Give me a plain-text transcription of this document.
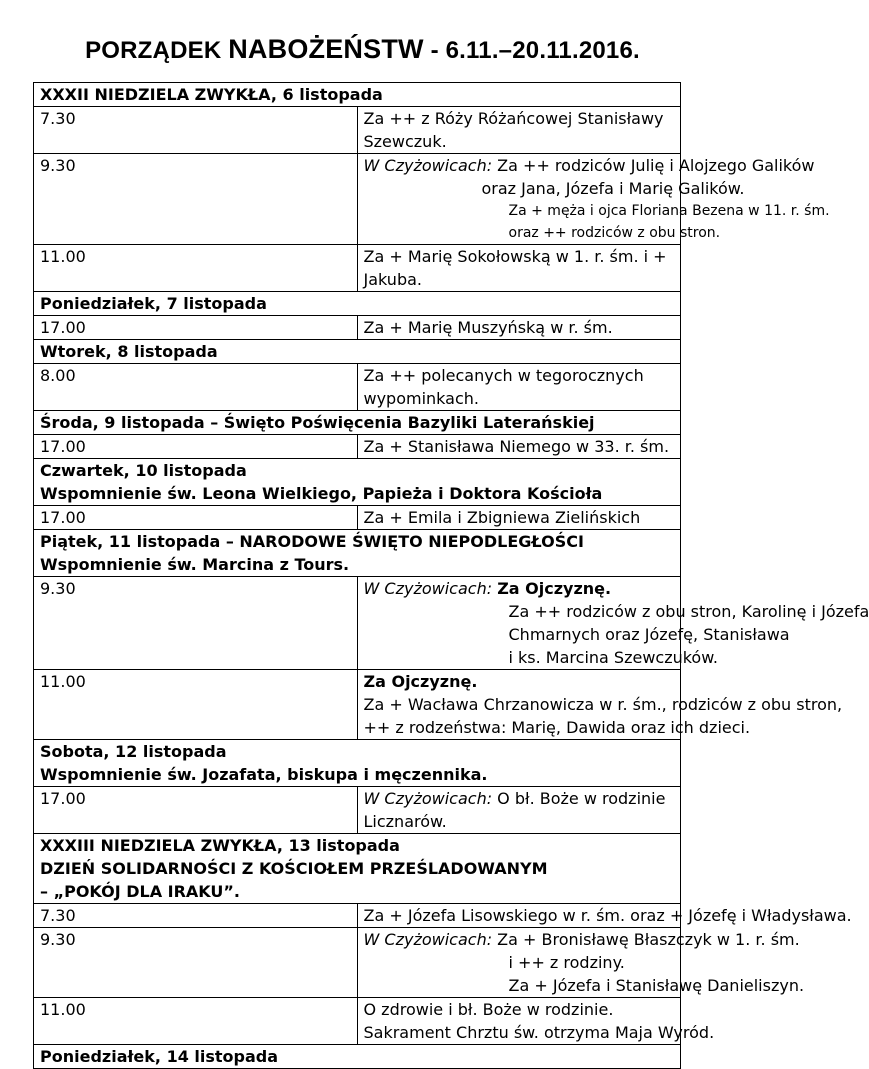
PORZĄDEK NABOŻEŃSTW - 6.11.–20.11.2016.
XXXII NIEDZIELA ZWYKŁA, 6 listopada	
7.30	Za ++ z Róży Różańcowej Stanisławy Szewczuk.
9.30	W Czyżowicach: Za ++ rodziców Julię i Alojzego Galików
oraz Jana, Józefa i Marię Galików.
Za + męża i ojca Floriana Bezena w 11. r. śm.
oraz ++ rodziców z obu stron.

11.00	Za + Marię Sokołowską w 1. r. śm. i + Jakuba.
Poniedziałek, 7 listopada	
17.00	Za + Marię Muszyńską w r. śm.
Wtorek, 8 listopada	
8.00	Za ++ polecanych w tegorocznych wypominkach.
Środa, 9 listopada – Święto Poświęcenia Bazyliki Laterańskiej	
17.00	Za + Stanisława Niemego w 33. r. śm.

Czwartek, 10 listopada
Wspomnienie św. Leona Wielkiego, Papieża i Doktora Kościoła	

17.00	Za + Emila i Zbigniewa Zielińskich

Piątek, 11 listopada – NARODOWE ŚWIĘTO NIEPODLEGŁOŚCI
Wspomnienie św. Marcina z Tours.	

9.30	W Czyżowicach: Za Ojczyznę.
Za ++ rodziców z obu stron, Karolinę i Józefa
Chmarnych oraz Józefę, Stanisława
i ks. Marcina Szewczuków.

11.00	Za Ojczyznę.
Za + Wacława Chrzanowicza w r. śm., rodziców z obu stron,
++ z rodzeństwa: Marię, Dawida oraz ich dzieci.

Sobota, 12 listopada
Wspomnienie św. Jozafata, biskupa i męczennika.	

17.00	W Czyżowicach: O bł. Boże w rodzinie Licznarów.

XXXIII NIEDZIELA ZWYKŁA, 13 listopada
DZIEŃ SOLIDARNOŚCI Z KOŚCIOŁEM PRZEŚLADOWANYM
– „POKÓJ DLA IRAKU”.	

7.30	Za + Józefa Lisowskiego w r. śm. oraz + Józefę i Władysława.
9.30	W Czyżowicach: Za + Bronisławę Błaszczyk w 1. r. śm.
i ++ z rodziny.
Za + Józefa i Stanisławę Danieliszyn.

11.00	O zdrowie i bł. Boże w rodzinie.
Sakrament Chrztu św. otrzyma Maja Wyród.

Poniedziałek, 14 listopada	
